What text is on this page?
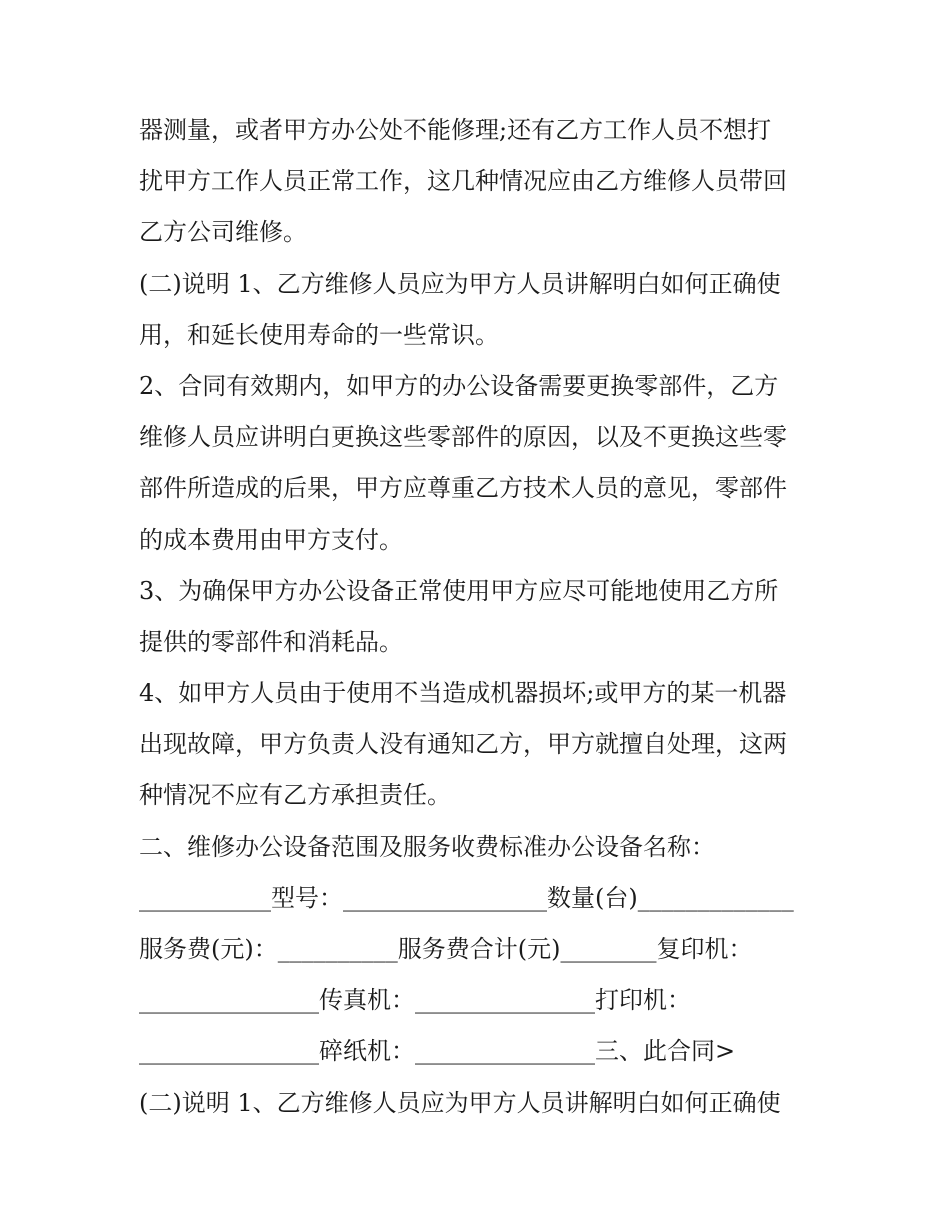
器测量，或者甲方办公处不能修理;还有乙方工作人员不想打
扰甲方工作人员正常工作，这几种情况应由乙方维修人员带回
乙方公司维修。
(二)说明 1、乙方维修人员应为甲方人员讲解明白如何正确使
用，和延长使用寿命的一些常识。
2、合同有效期内，如甲方的办公设备需要更换零部件，乙方
维修人员应讲明白更换这些零部件的原因，以及不更换这些零
部件所造成的后果，甲方应尊重乙方技术人员的意见，零部件
的成本费用由甲方支付。
3、为确保甲方办公设备正常使用甲方应尽可能地使用乙方所
提供的零部件和消耗品。
4、如甲方人员由于使用不当造成机器损坏;或甲方的某一机器
出现故障，甲方负责人没有通知乙方，甲方就擅自处理，这两
种情况不应有乙方承担责任。
二、维修办公设备范围及服务收费标准办公设备名称：
___________型号：_________________数量(台)_____________
服务费(元)：__________服务费合计(元)________复印机：
_______________传真机：_______________打印机：
_______________碎纸机：_______________三、此合同>
(二)说明 1、乙方维修人员应为甲方人员讲解明白如何正确使
